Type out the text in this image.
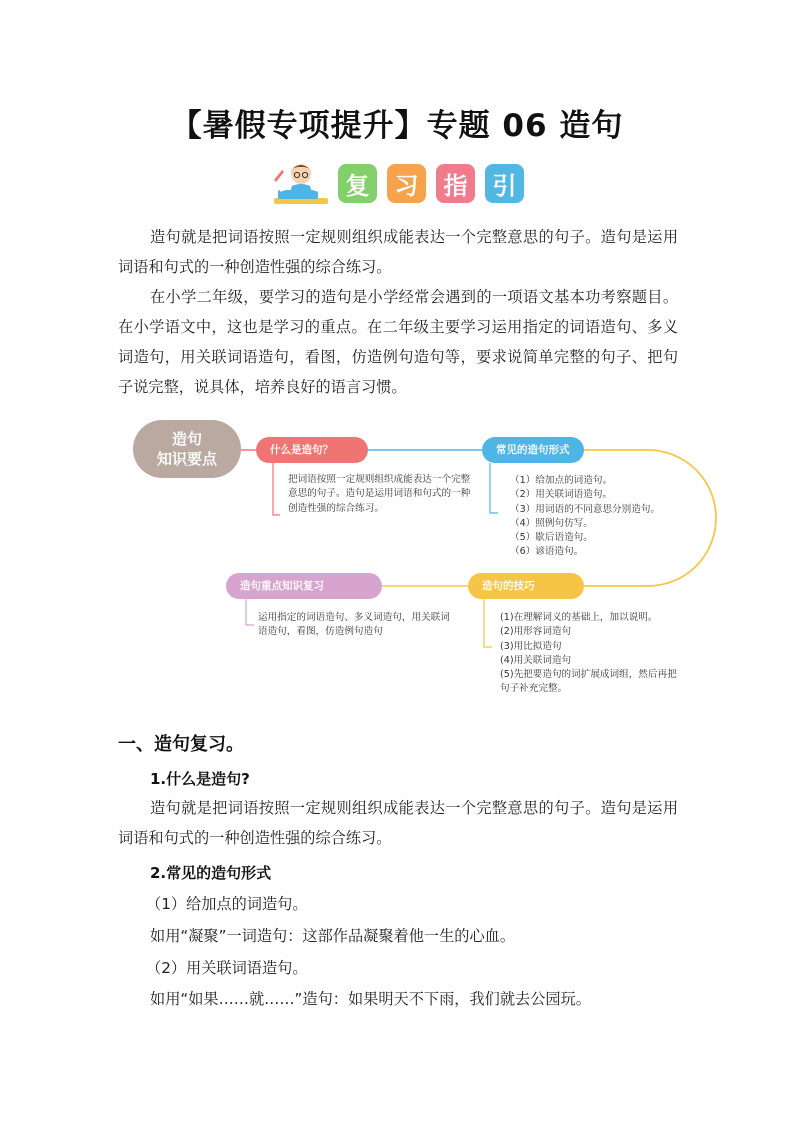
【暑假专项提升】专题 06 造句
复	习	指	引

造句就是把词语按照一定规则组织成能表达一个完整意思的句子。造句是运用词语和句式的一种创造性强的综合练习。

在小学二年级，要学习的造句是小学经常会遇到的一项语文基本功考察题目。在小学语文中，这也是学习的重点。在二年级主要学习运用指定的词语造句、多义词造句，用关联词语造句，看图，仿造例句造句等，要求说简单完整的句子、把句子说完整，说具体，培养良好的语言习惯。

造句
知识要点	什么是造句？

把词语按照一定规则组织成能表达一个完整意思的句子。造句是运用词语和句式的一种创造性强的综合练习。

常见的造句形式
（1）给加点的词造句。
（2）用关联词语造句。
（3）用词语的不同意思分别造句。
（4）照例句仿写。
（5）歇后语造句。
（6）谚语造句。
造句的技巧
(1)在理解词义的基础上，加以说明。
(2)用形容词造句
(3)用比拟造句
(4)用关联词造句
(5)先把要造句的词扩展成词组，然后再把句子补充完整。
造句重点知识复习

运用指定的词语造句、多义词造句，用关联词语造句，看图，仿造例句造句

一、造句复习。
1.什么是造句?

造句就是把词语按照一定规则组织成能表达一个完整意思的句子。造句是运用词语和句式的一种创造性强的综合练习。

2.常见的造句形式
（1）给加点的词造句。
如用“凝聚”一词造句：这部作品凝聚着他一生的心血。
（2）用关联词语造句。
如用“如果……就……”造句：如果明天不下雨，我们就去公园玩。
